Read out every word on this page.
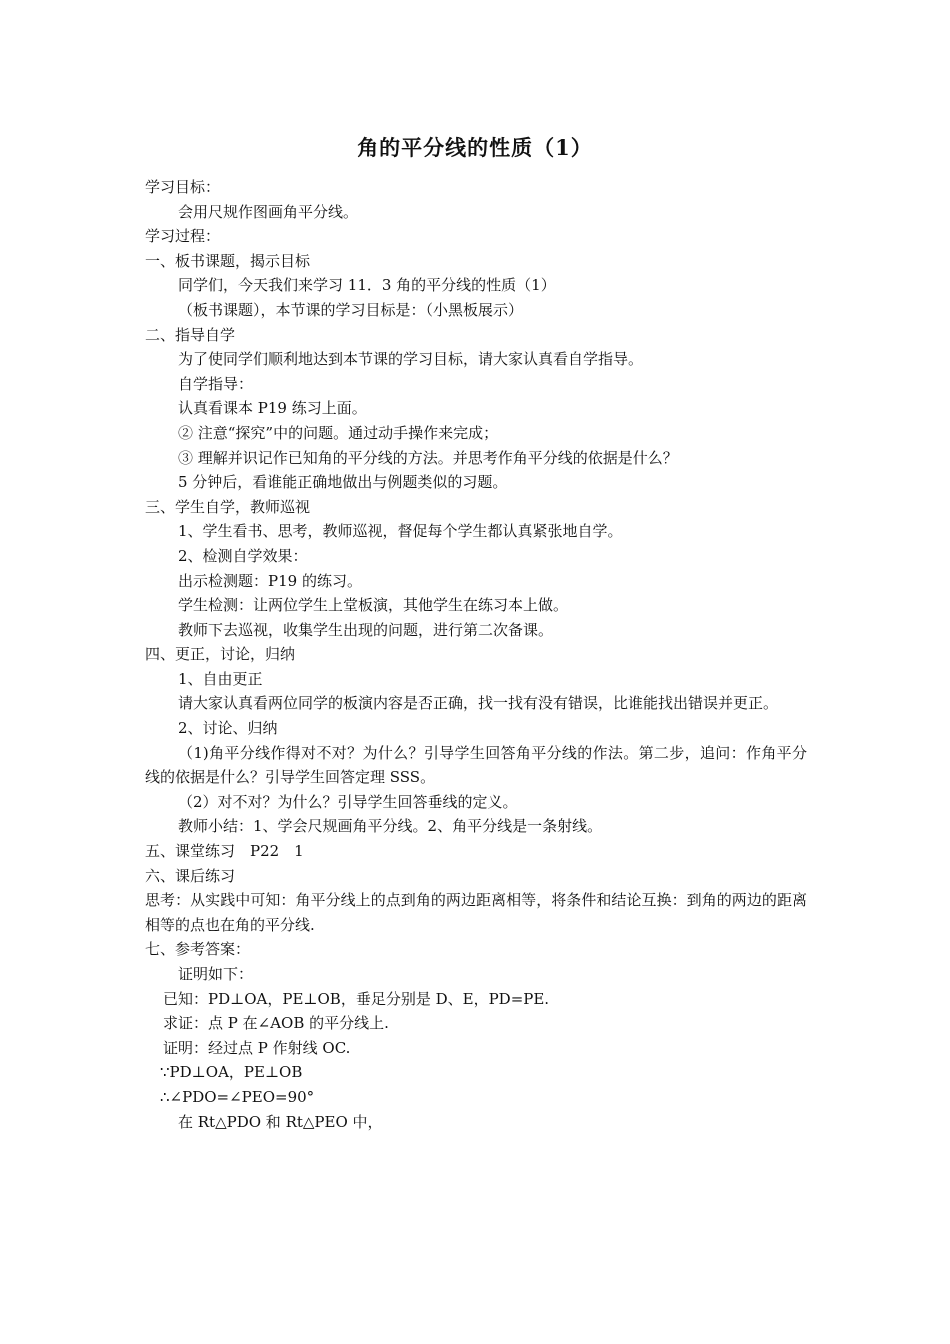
角的平分线的性质（1）

学习目标：

会用尺规作图画角平分线。

学习过程：

一、板书课题，揭示目标

同学们，今天我们来学习 11．3 角的平分线的性质（1）

（板书课题），本节课的学习目标是：（小黑板展示）

二、指导自学

为了使同学们顺利地达到本节课的学习目标，请大家认真看自学指导。

自学指导：

认真看课本 P19 练习上面。

② 注意“探究”中的问题。通过动手操作来完成；

③ 理解并识记作已知角的平分线的方法。并思考作角平分线的依据是什么？

5 分钟后，看谁能正确地做出与例题类似的习题。

三、学生自学，教师巡视

1、学生看书、思考，教师巡视，督促每个学生都认真紧张地自学。

2、检测自学效果：

出示检测题：P19 的练习。

学生检测：让两位学生上堂板演，其他学生在练习本上做。

教师下去巡视，收集学生出现的问题，进行第二次备课。

四、更正，讨论，归纳

1、自由更正

请大家认真看两位同学的板演内容是否正确，找一找有没有错误，比谁能找出错误并更正。

2、讨论、归纳

（1)角平分线作得对不对？为什么？引导学生回答角平分线的作法。第二步，追问：作角平分线的依据是什么？引导学生回答定理 SSS。

（2）对不对？为什么？引导学生回答垂线的定义。

教师小结：1、学会尺规画角平分线。2、角平分线是一条射线。

五、课堂练习　P22　1

六、课后练习

思考：从实践中可知：角平分线上的点到角的两边距离相等，将条件和结论互换：到角的两边的距离相等的点也在角的平分线.

七、参考答案：

证明如下：

已知：PD⊥OA，PE⊥OB，垂足分别是 D、E，PD=PE.

求证：点 P 在∠AOB 的平分线上.

证明：经过点 P 作射线 OC.

∵PD⊥OA，PE⊥OB

∴∠PDO=∠PEO=90°

在 Rt△PDO 和 Rt△PEO 中，
